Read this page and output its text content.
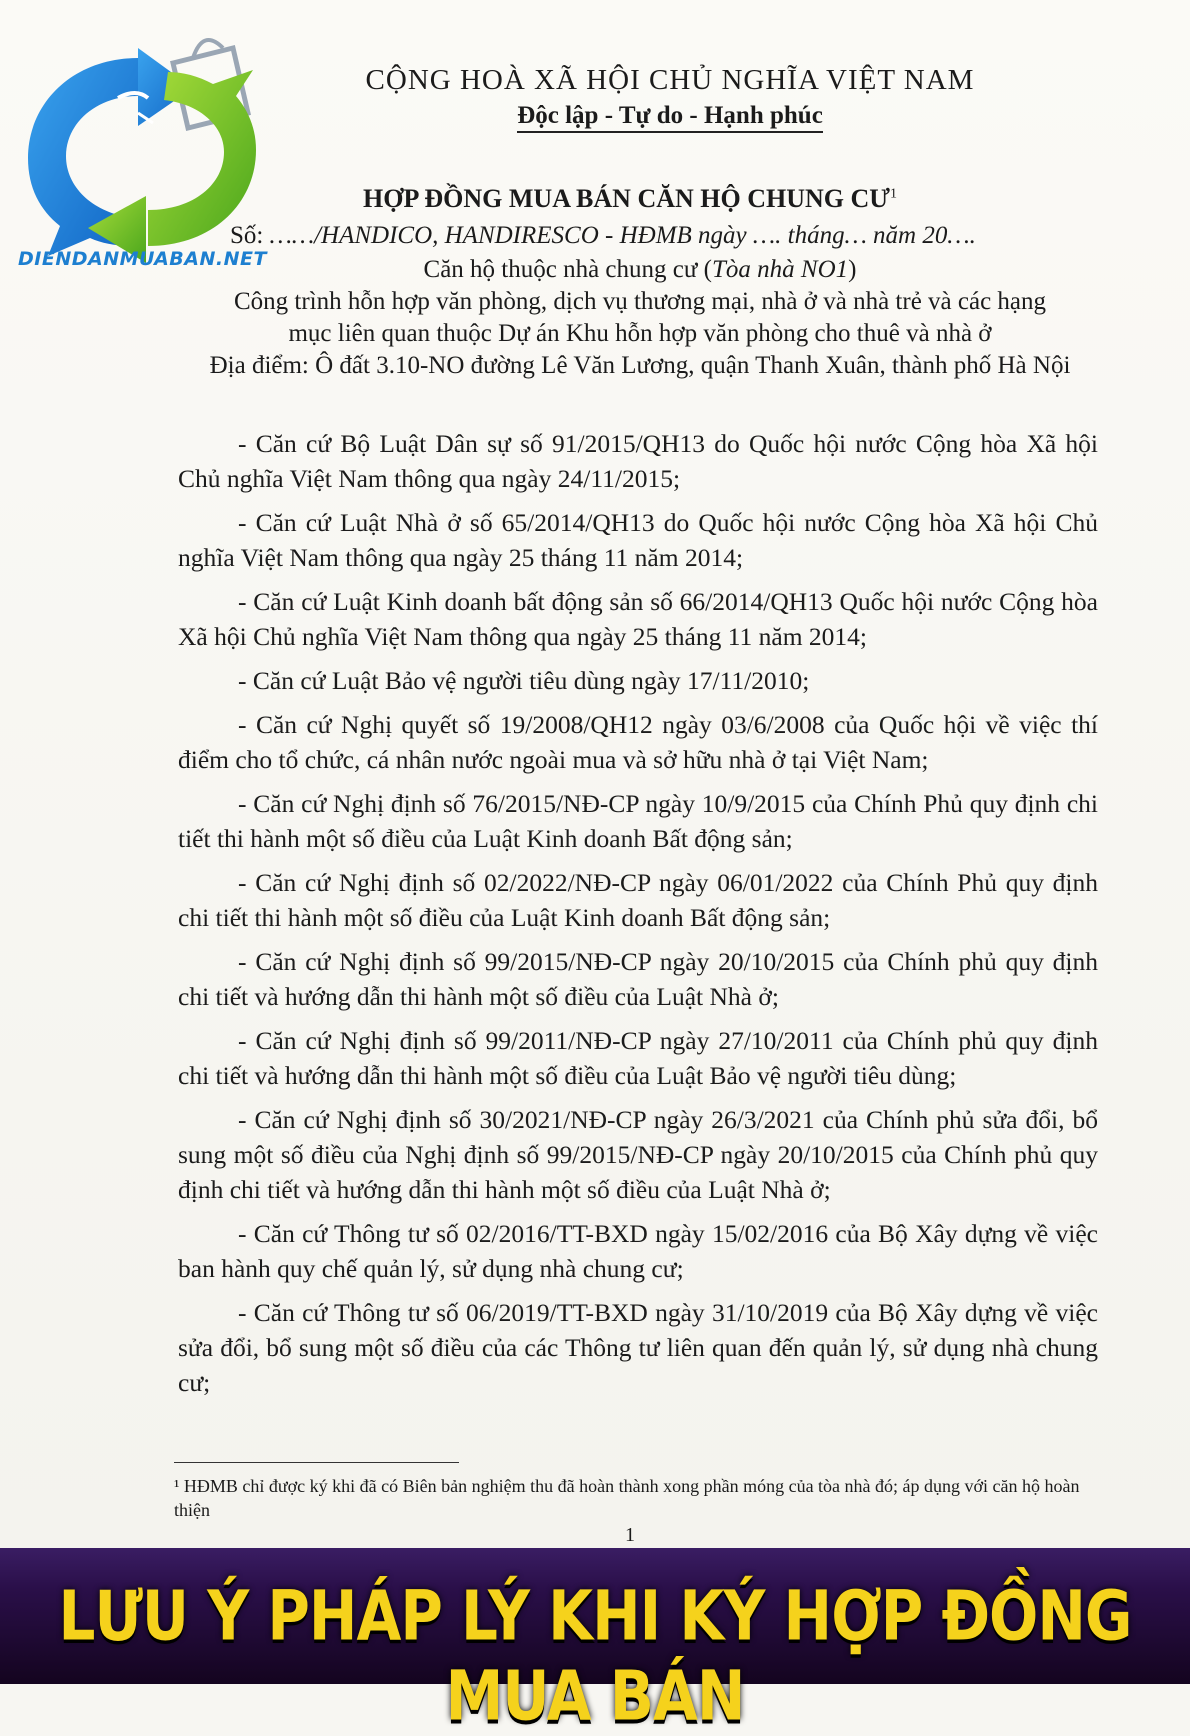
DIENDANMUABAN.NET
CỘNG HOÀ XÃ HỘI CHỦ NGHĨA VIỆT NAM
Độc lập - Tự do - Hạnh phúc
HỢP ĐỒNG MUA BÁN CĂN HỘ CHUNG $CƯ^1$
Số: ……/HANDICO, HANDIRESCO - HĐMB ngày …. tháng… năm 20….
Căn hộ thuộc nhà chung cư (Tòa nhà NO1)
Công trình hỗn hợp văn phòng, dịch vụ thương mại, nhà ở và nhà trẻ và các hạng
mục liên quan thuộc Dự án Khu hỗn hợp văn phòng cho thuê và nhà ở
Địa điểm: Ô đất 3.10-NO đường Lê Văn Lương, quận Thanh Xuân, thành phố Hà Nội

- Căn cứ Bộ Luật Dân sự số 91/2015/QH13 do Quốc hội nước Cộng hòa Xã hội Chủ nghĩa Việt Nam thông qua ngày 24/11/2015;

- Căn cứ Luật Nhà ở số 65/2014/QH13 do Quốc hội nước Cộng hòa Xã hội Chủ nghĩa Việt Nam thông qua ngày 25 tháng 11 năm 2014;

- Căn cứ Luật Kinh doanh bất động sản số 66/2014/QH13 Quốc hội nước Cộng hòa Xã hội Chủ nghĩa Việt Nam thông qua ngày 25 tháng 11 năm 2014;

- Căn cứ Luật Bảo vệ người tiêu dùng ngày 17/11/2010;

- Căn cứ Nghị quyết số 19/2008/QH12 ngày 03/6/2008 của Quốc hội về việc thí điểm cho tổ chức, cá nhân nước ngoài mua và sở hữu nhà ở tại Việt Nam;

- Căn cứ Nghị định số 76/2015/NĐ-CP ngày 10/9/2015 của Chính Phủ quy định chi tiết thi hành một số điều của Luật Kinh doanh Bất động sản;

- Căn cứ Nghị định số 02/2022/NĐ-CP ngày 06/01/2022 của Chính Phủ quy định chi tiết thi hành một số điều của Luật Kinh doanh Bất động sản;

- Căn cứ Nghị định số 99/2015/NĐ-CP ngày 20/10/2015 của Chính phủ quy định chi tiết và hướng dẫn thi hành một số điều của Luật Nhà ở;

- Căn cứ Nghị định số 99/2011/NĐ-CP ngày 27/10/2011 của Chính phủ quy định chi tiết và hướng dẫn thi hành một số điều của Luật Bảo vệ người tiêu dùng;

- Căn cứ Nghị định số 30/2021/NĐ-CP ngày 26/3/2021 của Chính phủ sửa đổi, bổ sung một số điều của Nghị định số 99/2015/NĐ-CP ngày 20/10/2015 của Chính phủ quy định chi tiết và hướng dẫn thi hành một số điều của Luật Nhà ở;

- Căn cứ Thông tư số 02/2016/TT-BXD ngày 15/02/2016 của Bộ Xây dựng về việc ban hành quy chế quản lý, sử dụng nhà chung cư;

- Căn cứ Thông tư số 06/2019/TT-BXD ngày 31/10/2019 của Bộ Xây dựng về việc sửa đổi, bổ sung một số điều của các Thông tư liên quan đến quản lý, sử dụng nhà chung cư;

¹ HĐMB chỉ được ký khi đã có Biên bản nghiệm thu đã hoàn thành xong phần móng của tòa nhà đó; áp dụng với căn hộ hoàn thiện
1
LƯU Ý PHÁP LÝ KHI KÝ HỢP ĐỒNG MUA BÁN
